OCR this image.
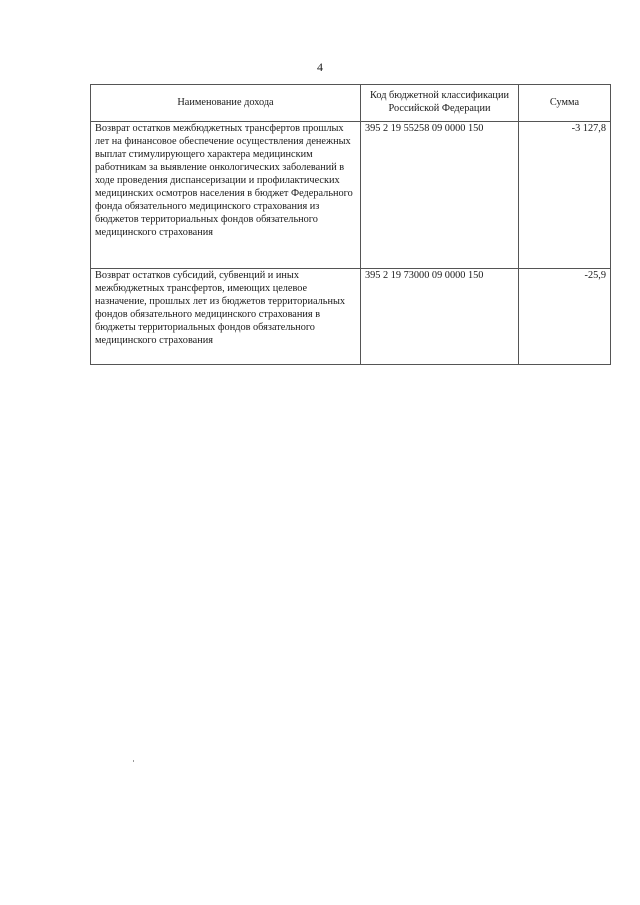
4
Наименование дохода	Код бюджетной классификации Российской Федерации	Сумма
Возврат остатков межбюджетных трансфертов прошлых лет на финансовое обеспечение осуществления денежных выплат стимулирующего характера медицинским работникам за выявление онкологических заболеваний в ходе проведения диспансеризации и профилактических медицинских осмотров населения в бюджет Федерального фонда обязательного медицинского страхования из бюджетов территориальных фондов обязательного медицинского страхования	395 2 19 55258 09 0000 150	-3 127,8
Возврат остатков субсидий, субвенций и иных межбюджетных трансфертов, имеющих целевое назначение, прошлых лет из бюджетов территориальных фондов обязательного медицинского страхования в бюджеты территориальных фондов обязательного медицинского страхования	395 2 19 73000 09 0000 150	-25,9
